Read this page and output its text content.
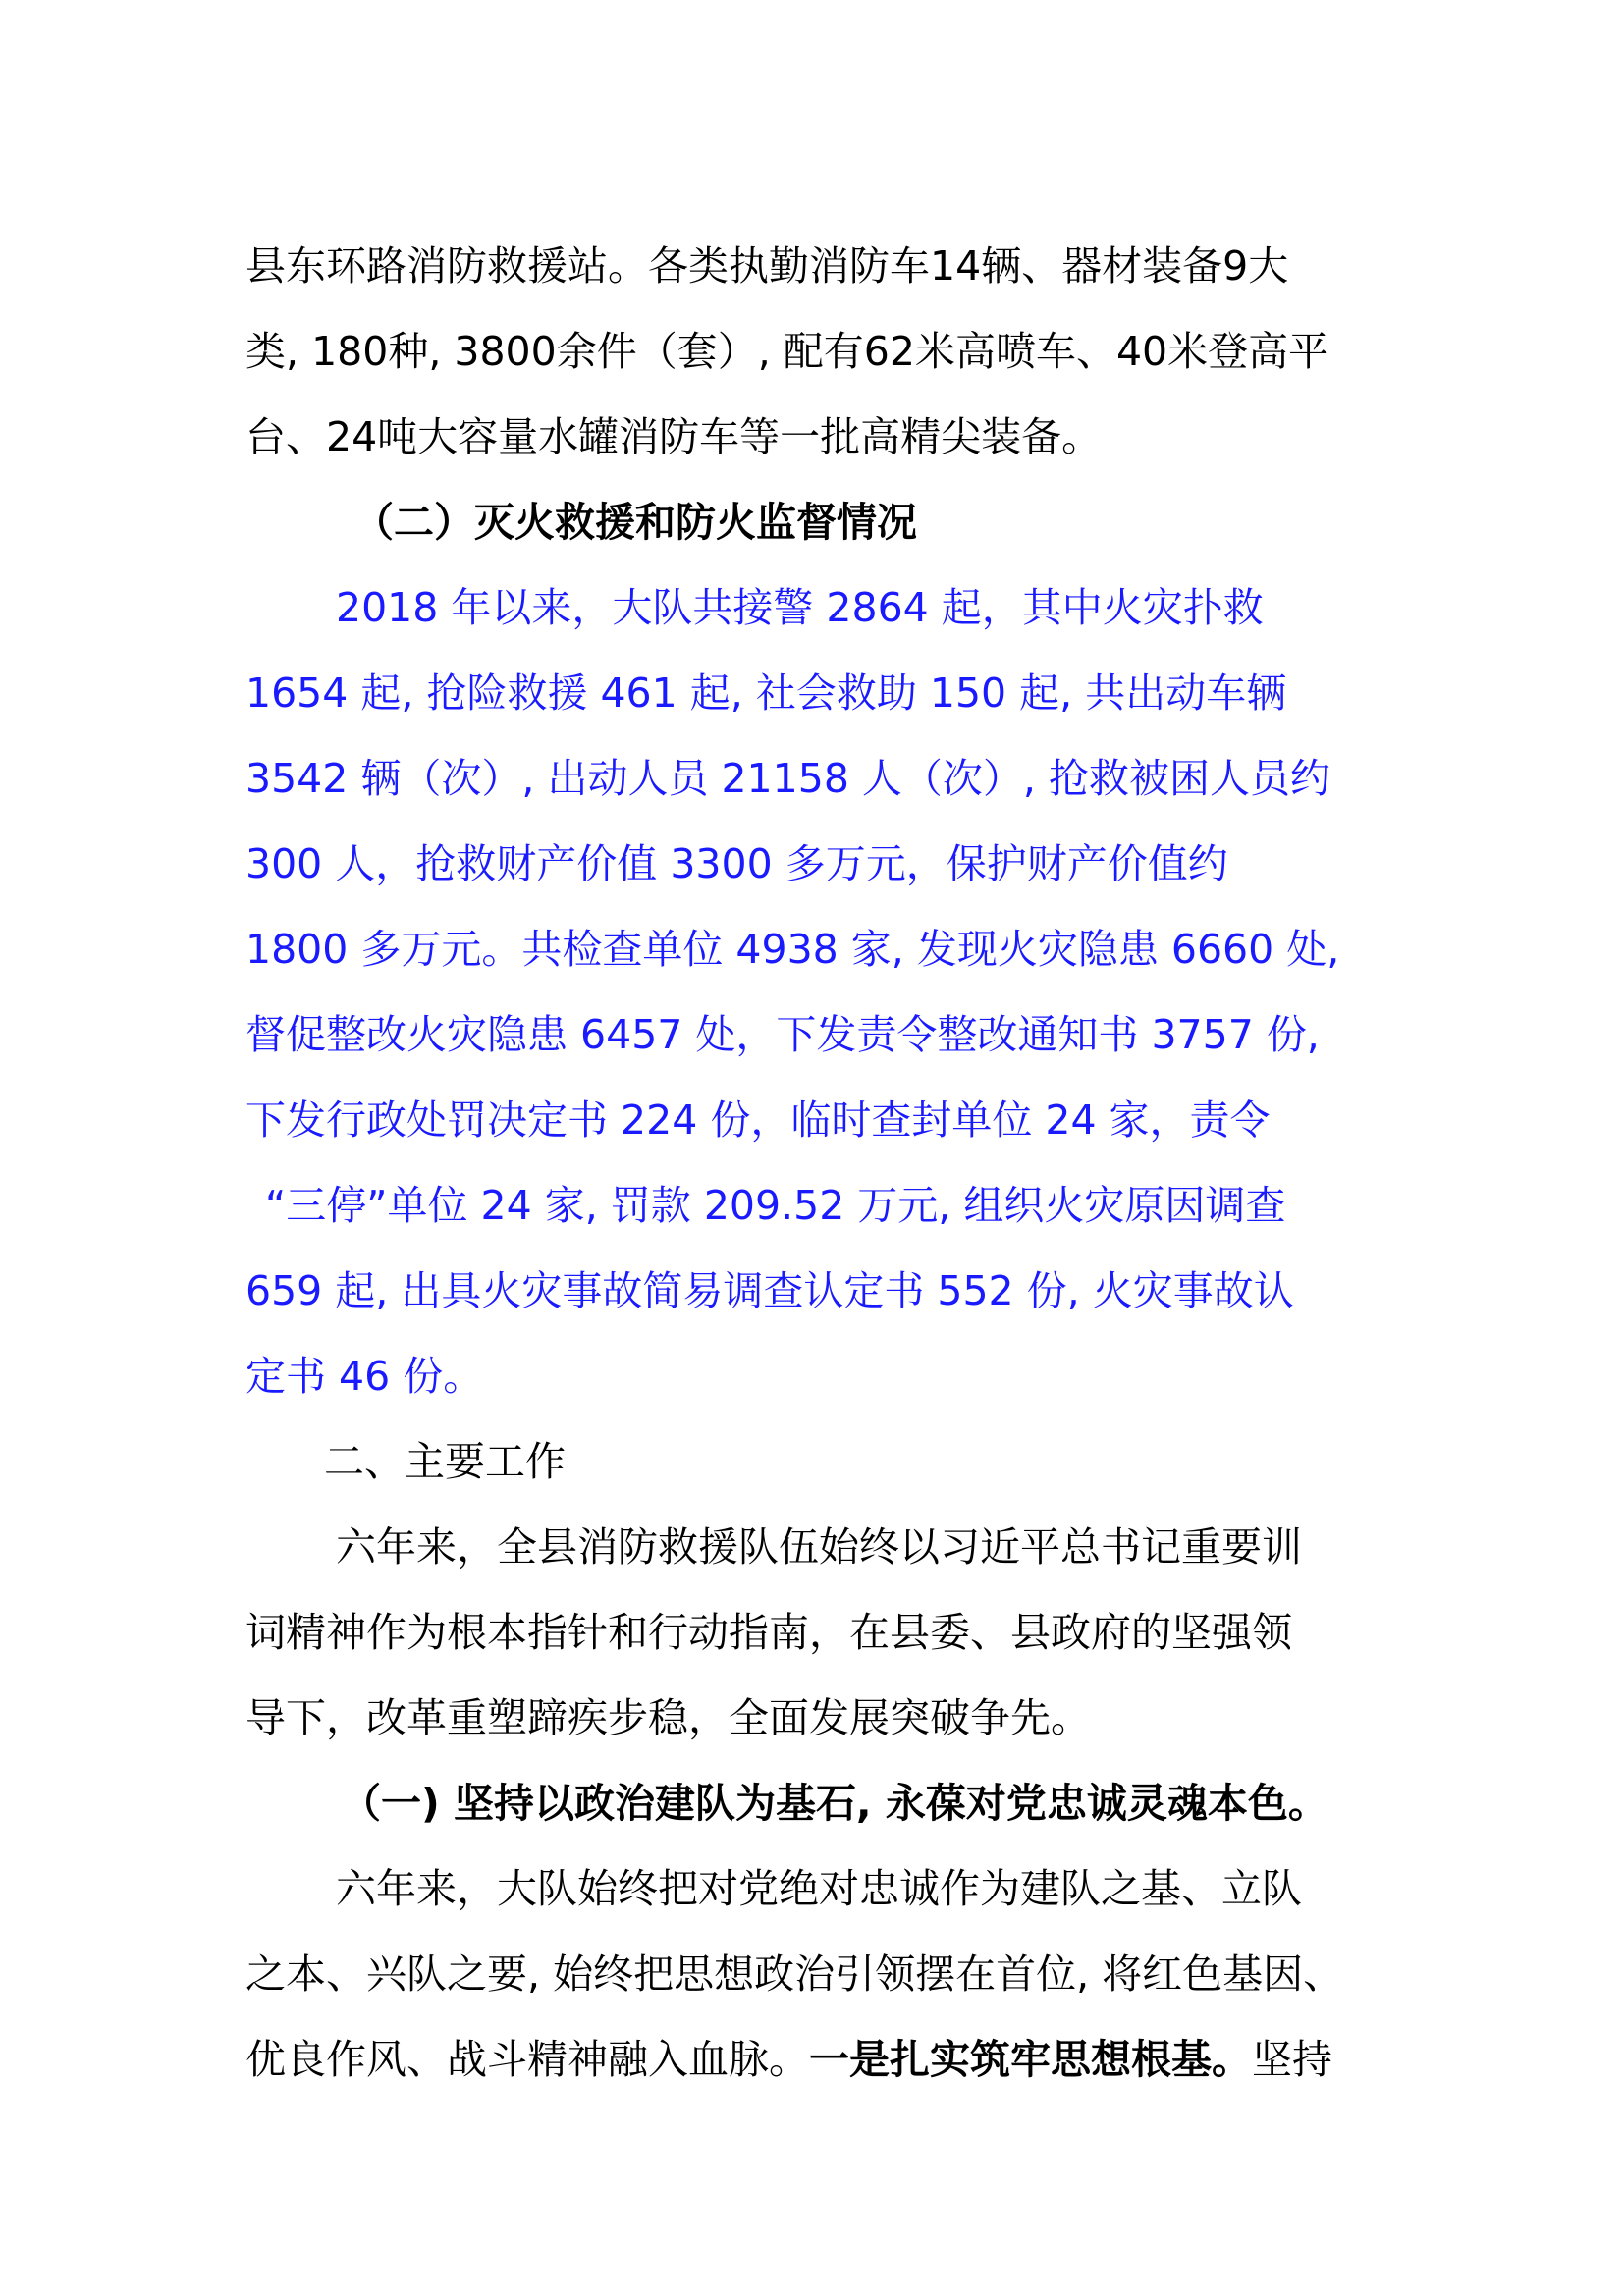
县东环路消防救援站。各类执勤消防车14辆、器材装备9大
类, 180种, 3800余件（套）, 配有62米高喷车、40米登高平
台、24吨大容量水罐消防车等一批高精尖装备。
（二）灭火救援和防火监督情况
2018 年以来，大队共接警 2864 起，其中火灾扑救
1654 起, 抢险救援 461 起, 社会救助 150 起, 共出动车辆
3542 辆（次）, 出动人员 21158 人（次）, 抢救被困人员约
300 人，抢救财产价值 3300 多万元，保护财产价值约
1800 多万元。共检查单位 4938 家, 发现火灾隐患 6660 处,
督促整改火灾隐患 6457 处，下发责令整改通知书 3757 份,
下发行政处罚决定书 224 份，临时查封单位 24 家，责令
“三停”单位 24 家, 罚款 209.52 万元, 组织火灾原因调查
659 起, 出具火灾事故简易调查认定书 552 份, 火灾事故认
定书 46 份。
二、主要工作
六年来，全县消防救援队伍始终以习近平总书记重要训
词精神作为根本指针和行动指南，在县委、县政府的坚强领
导下，改革重塑蹄疾步稳，全面发展突破争先。
（一) 坚持以政治建队为基石, 永葆对党忠诚灵魂本色。
六年来，大队始终把对党绝对忠诚作为建队之基、立队
之本、兴队之要, 始终把思想政治引领摆在首位, 将红色基因、
优良作风、战斗精神融入血脉。一是扎实筑牢思想根基。坚持
